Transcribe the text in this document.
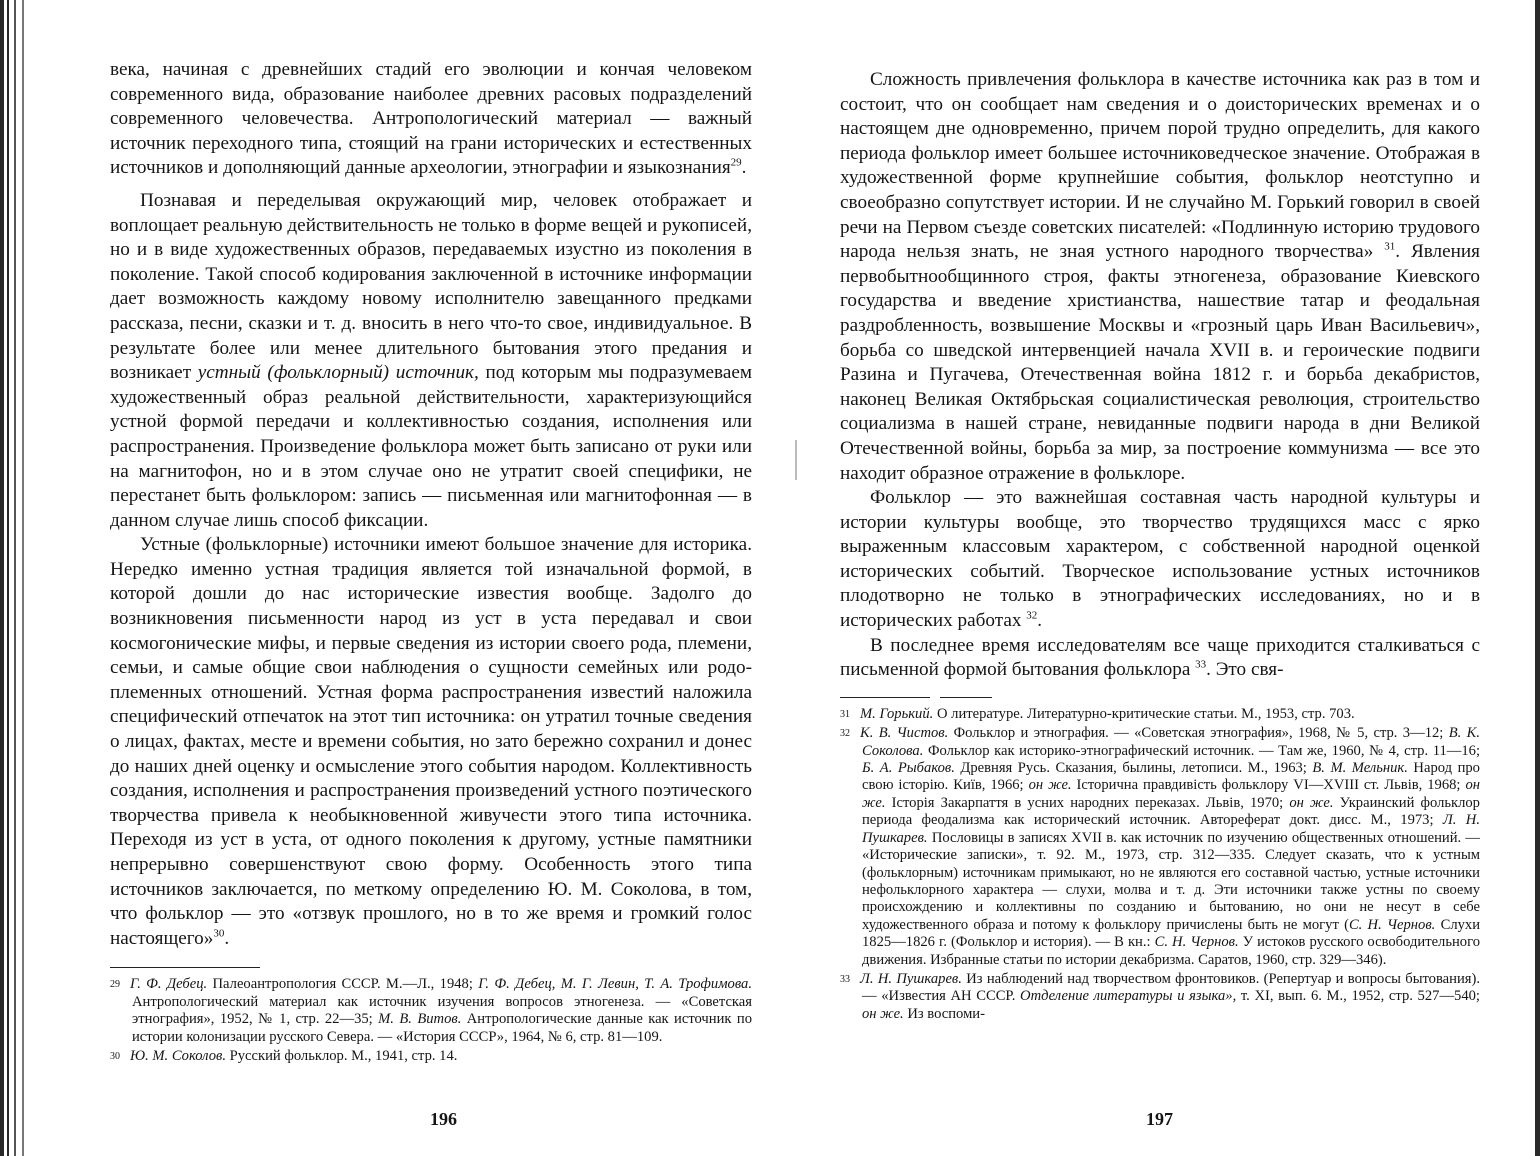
века, начиная с древнейших стадий его эволюции и кончая человеком современного вида, образование наиболее древних расовых подразделений современного человечества. Антропологический материал — важный источник переходного типа, стоящий на грани исторических и естественных источников и дополняющий данные археологии, этнографии и языкознания$^{29}$.

Познавая и переделывая окружающий мир, человек отображает и воплощает реальную действительность не только в форме вещей и рукописей, но и в виде художественных образов, передаваемых изустно из поколения в поколение. Такой способ кодирования заключенной в источнике информации дает возможность каждому новому исполнителю завещанного предками рассказа, песни, сказки и т. д. вносить в него что-то свое, индивидуальное. В результате более или менее длительного бытования этого предания и возникает устный (фольклорный) источник, под которым мы подразумеваем художественный образ реальной действительности, характеризующийся устной формой передачи и коллективностью создания, исполнения или распространения. Произведение фольклора может быть записано от руки или на магнитофон, но и в этом случае оно не утратит своей специфики, не перестанет быть фольклором: запись — письменная или магнитофонная — в данном случае лишь способ фиксации.

Устные (фольклорные) источники имеют большое значение для историка. Нередко именно устная традиция является той изначальной формой, в которой дошли до нас исторические известия вообще. Задолго до возникновения письменности народ из уст в уста передавал и свои космогонические мифы, и первые сведения из истории своего рода, племени, семьи, и самые общие свои наблюдения о сущности семейных или родо-племенных отношений. Устная форма распространения известий наложила специфический отпечаток на этот тип источника: он утратил точные сведения о лицах, фактах, месте и времени события, но зато бережно сохранил и донес до наших дней оценку и осмысление этого события народом. Коллективность создания, исполнения и распространения произведений устного поэтического творчества привела к необыкновенной живучести этого типа источника. Переходя из уст в уста, от одного поколения к другому, устные памятники непрерывно совершенствуют свою форму. Особенность этого типа источников заключается, по меткому определению Ю. М. Соколова, в том, что фольклор — это «отзвук прошлого, но в то же время и громкий голос настоящего»$^{30}$.

29 Г. Ф. Дебец. Палеоантропология СССР. М.—Л., 1948; Г. Ф. Дебец, М. Г. Левин, Т. А. Трофимова. Антропологический материал как источник изучения вопросов этногенеза. — «Советская этнография», 1952, № 1, стр. 22—35; М. В. Витов. Антропологические данные как источник по истории колонизации русского Севера. — «История СССР», 1964, № 6, стр. 81—109.

30 Ю. М. Соколов. Русский фольклор. М., 1941, стр. 14.

196

Сложность привлечения фольклора в качестве источника как раз в том и состоит, что он сообщает нам сведения и о доисторических временах и о настоящем дне одновременно, причем порой трудно определить, для какого периода фольклор имеет большее источниковедческое значение. Отображая в художественной форме крупнейшие события, фольклор неотступно и своеобразно сопутствует истории. И не случайно М. Горький говорил в своей речи на Первом съезде советских писателей: «Подлинную историю трудового народа нельзя знать, не зная устного народного творчества» $^{31}$. Явления первобытнообщинного строя, факты этногенеза, образование Киевского государства и введение христианства, нашествие татар и феодальная раздробленность, возвышение Москвы и «грозный царь Иван Васильевич», борьба со шведской интервенцией начала XVII в. и героические подвиги Разина и Пугачева, Отечественная война 1812 г. и борьба декабристов, наконец Великая Октябрьская социалистическая революция, строительство социализма в нашей стране, невиданные подвиги народа в дни Великой Отечественной войны, борьба за мир, за построение коммунизма — все это находит образное отражение в фольклоре.

Фольклор — это важнейшая составная часть народной культуры и истории культуры вообще, это творчество трудящихся масс с ярко выраженным классовым характером, с собственной народной оценкой исторических событий. Творческое использование устных источников плодотворно не только в этнографических исследованиях, но и в исторических работах $^{32}$.

В последнее время исследователям все чаще приходится сталкиваться с письменной формой бытования фольклора $^{33}$. Это свя-

31 М. Горький. О литературе. Литературно-критические статьи. М., 1953, стр. 703.

32 К. В. Чистов. Фольклор и этнография. — «Советская этнография», 1968, № 5, стр. 3—12; В. К. Соколова. Фольклор как историко-этнографический источник. — Там же, 1960, № 4, стр. 11—16; Б. А. Рыбаков. Древняя Русь. Сказания, былины, летописи. М., 1963; В. М. Мельник. Народ про свою історію. Київ, 1966; он же. Історична правдивість фольклору VI—XVIII ст. Львів, 1968; он же. Історія Закарпаття в усних народних переказах. Львів, 1970; он же. Украинский фольклор периода феодализма как исторический источник. Автореферат докт. дисс. М., 1973; Л. Н. Пушкарев. Пословицы в записях XVII в. как источник по изучению общественных отношений. — «Исторические записки», т. 92. М., 1973, стр. 312—335. Следует сказать, что к устным (фольклорным) источникам примыкают, но не являются его составной частью, устные источники нефольклорного характера — слухи, молва и т. д. Эти источники также устны по своему происхождению и коллективны по созданию и бытованию, но они не несут в себе художественного образа и потому к фольклору причислены быть не могут (С. Н. Чернов. Слухи 1825—1826 г. (Фольклор и история). — В кн.: С. Н. Чернов. У истоков русского освободительного движения. Избранные статьи по истории декабризма. Саратов, 1960, стр. 329—346).

33 Л. Н. Пушкарев. Из наблюдений над творчеством фронтовиков. (Репертуар и вопросы бытования). — «Известия АН СССР. Отделение литературы и языка», т. XI, вып. 6. М., 1952, стр. 527—540; он же. Из воспоми-

197
